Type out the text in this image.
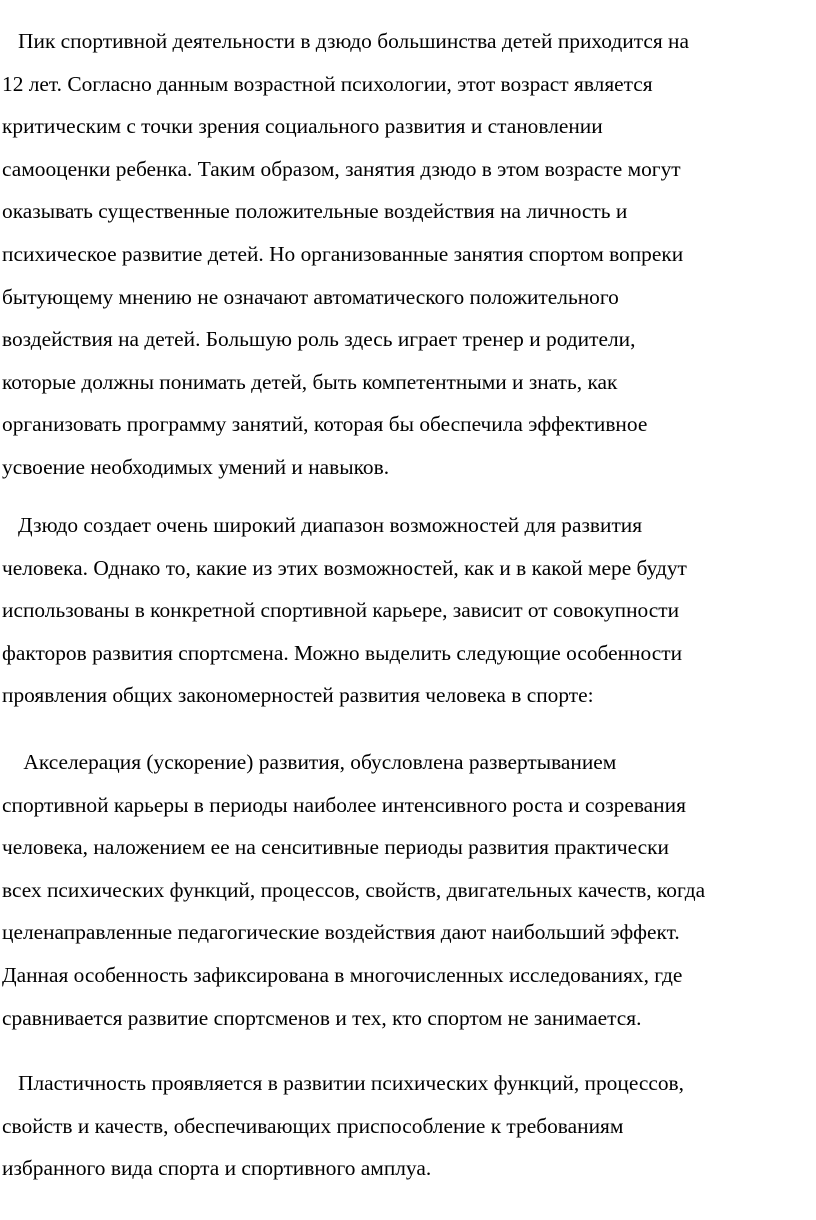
Пик спортивной деятельности в дзюдо большинства детей приходится на
12 лет. Согласно данным возрастной психологии, этот возраст является
критическим с точки зрения социального развития и становлении
самооценки ребенка. Таким образом, занятия дзюдо в этом возрасте могут
оказывать существенные положительные воздействия на личность и
психическое развитие детей. Но организованные занятия спортом вопреки
бытующему мнению не означают автоматического положительного
воздействия на детей. Большую роль здесь играет тренер и родители,
которые должны понимать детей, быть компетентными и знать, как
организовать программу занятий, которая бы обеспечила эффективное
усвоение необходимых умений и навыков.
Дзюдо создает очень широкий диапазон возможностей для развития
человека. Однако то, какие из этих возможностей, как и в какой мере будут
использованы в конкретной спортивной карьере, зависит от совокупности
факторов развития спортсмена. Можно выделить следующие особенности
проявления общих закономерностей развития человека в спорте:
Акселерация (ускорение) развития, обусловлена развертыванием
спортивной карьеры в периоды наиболее интенсивного роста и созревания
человека, наложением ее на сенситивные периоды развития практически
всех психических функций, процессов, свойств, двигательных качеств, когда
целенаправленные педагогические воздействия дают наибольший эффект.
Данная особенность зафиксирована в многочисленных исследованиях, где
сравнивается развитие спортсменов и тех, кто спортом не занимается.
Пластичность проявляется в развитии психических функций, процессов,
свойств и качеств, обеспечивающих приспособление к требованиям
избранного вида спорта и спортивного амплуа.
